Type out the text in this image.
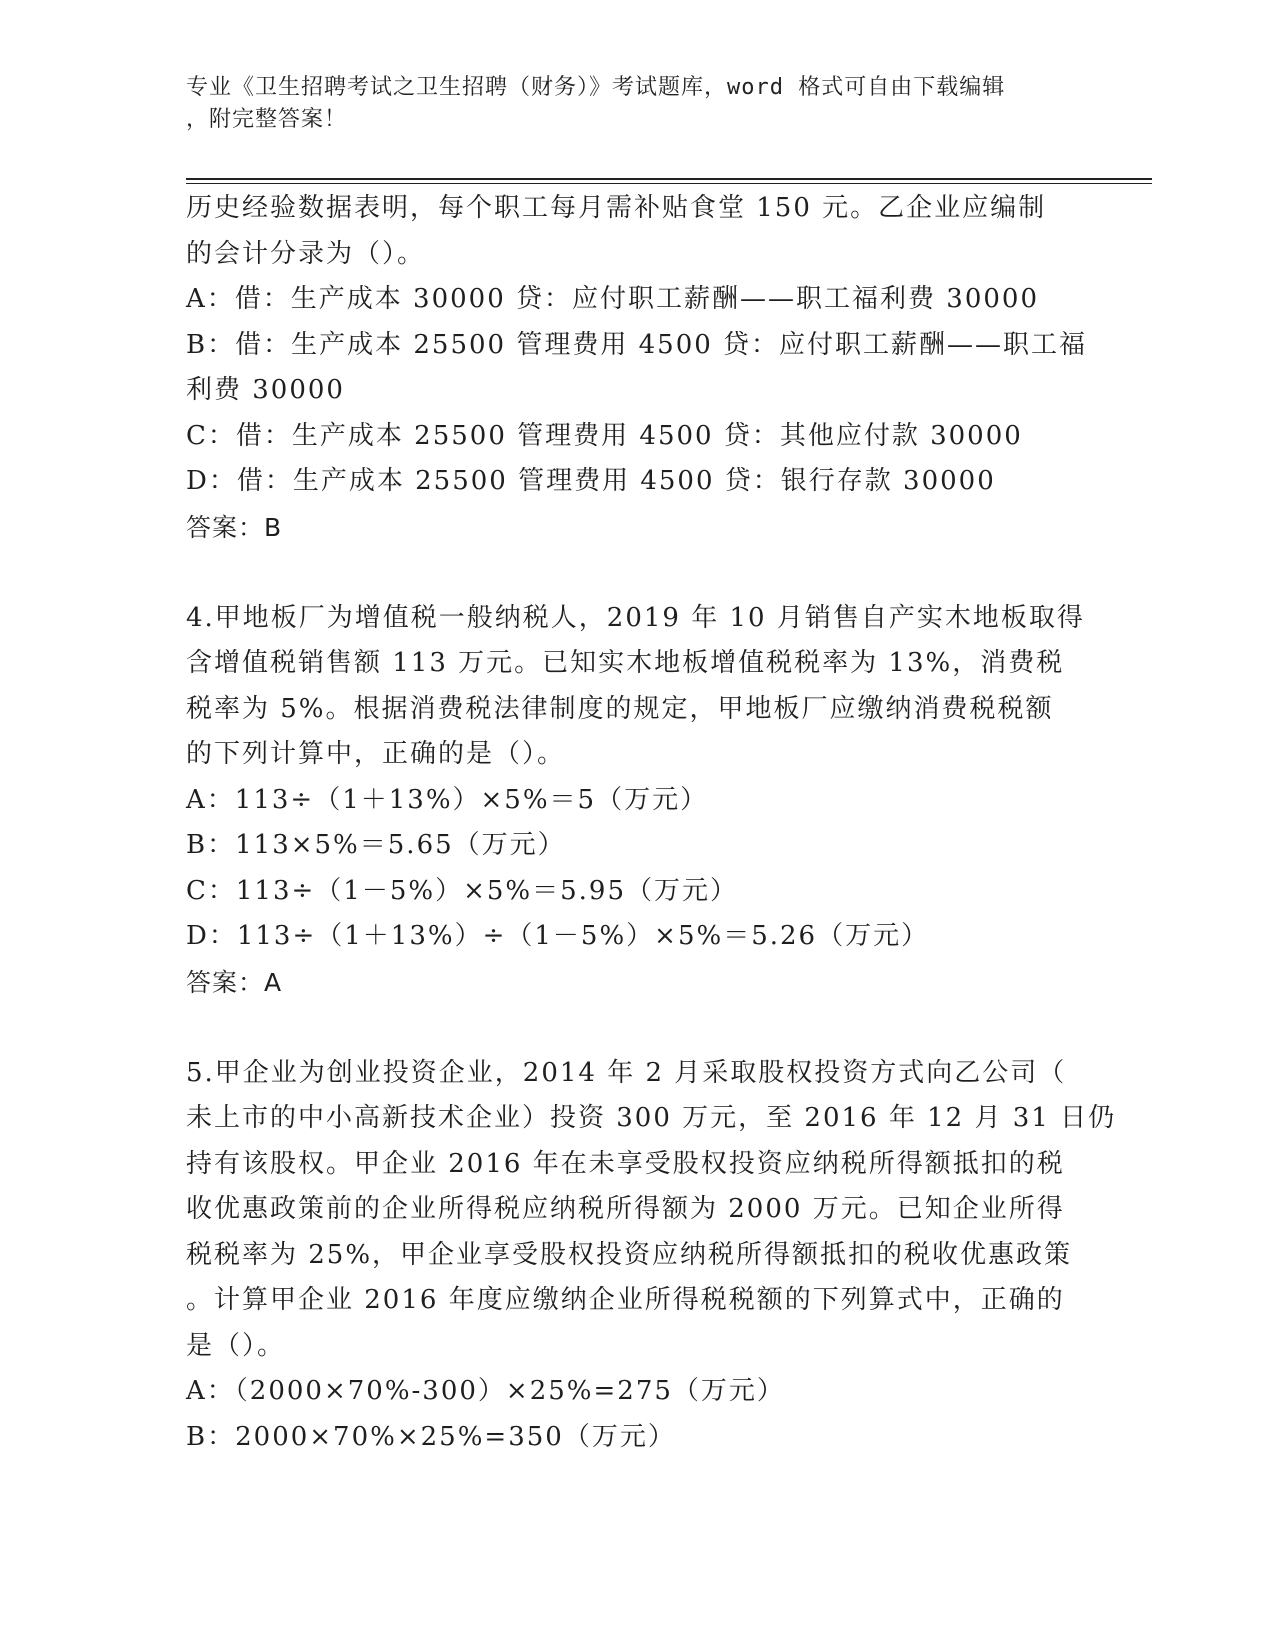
专业《卫生招聘考试之卫生招聘（财务）》考试题库，word 格式可自由下载编辑
，附完整答案！
历史经验数据表明，每个职工每月需补贴食堂 150 元。乙企业应编制
的会计分录为（）。
A：借：生产成本 30000 贷：应付职工薪酬——职工福利费 30000
B：借：生产成本 25500 管理费用 4500 贷：应付职工薪酬——职工福
利费 30000
C：借：生产成本 25500 管理费用 4500 贷：其他应付款 30000
D：借：生产成本 25500 管理费用 4500 贷：银行存款 30000
答案：B
4.甲地板厂为增值税一般纳税人，2019 年 10 月销售自产实木地板取得
含增值税销售额 113 万元。已知实木地板增值税税率为 13%，消费税
税率为 5%。根据消费税法律制度的规定，甲地板厂应缴纳消费税税额
的下列计算中，正确的是（）。
A：113÷（1＋13%）×5%＝5（万元）
B：113×5%＝5.65（万元）
C：113÷（1－5%）×5%＝5.95（万元）
D：113÷（1＋13%）÷（1－5%）×5%＝5.26（万元）
答案：A
5.甲企业为创业投资企业，2014 年 2 月采取股权投资方式向乙公司（
未上市的中小高新技术企业）投资 300 万元，至 2016 年 12 月 31 日仍
持有该股权。甲企业 2016 年在未享受股权投资应纳税所得额抵扣的税
收优惠政策前的企业所得税应纳税所得额为 2000 万元。已知企业所得
税税率为 25%，甲企业享受股权投资应纳税所得额抵扣的税收优惠政策
。计算甲企业 2016 年度应缴纳企业所得税税额的下列算式中，正确的
是（）。
A：（2000×70%-300）×25%=275（万元）
B：2000×70%×25%=350（万元）
